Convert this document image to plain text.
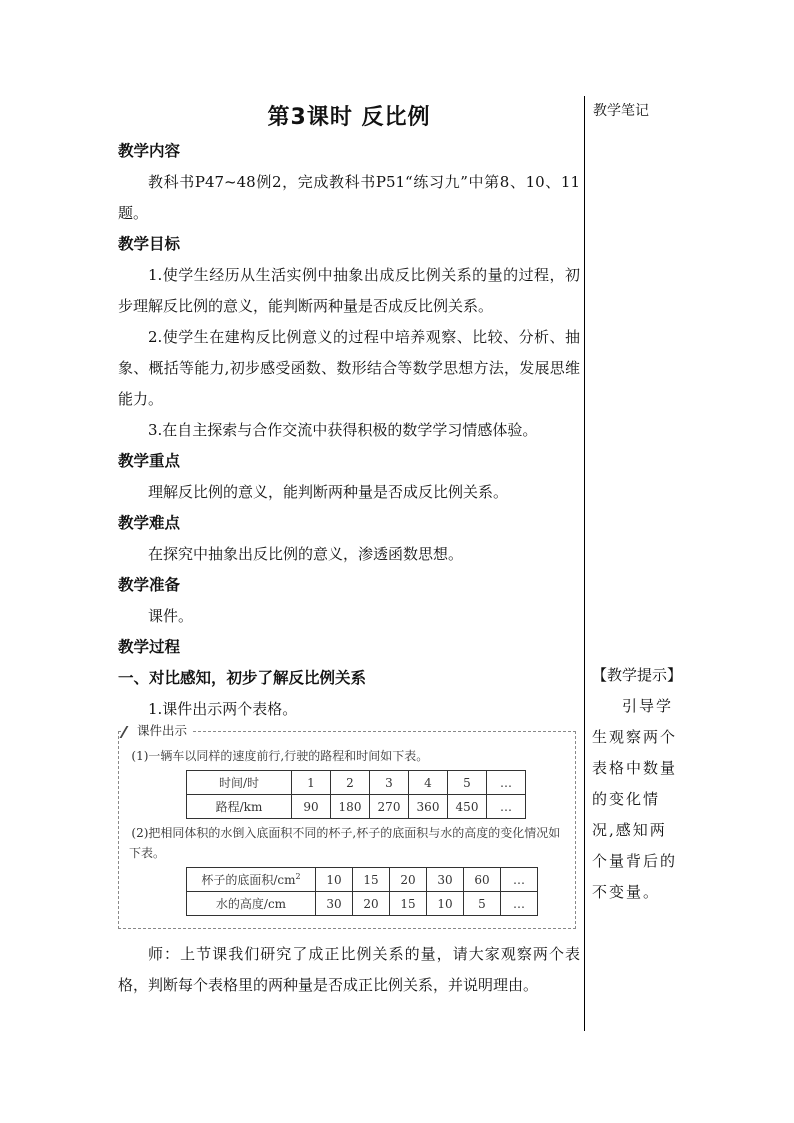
第3课时 反比例

教学内容

教科书P47~48例2，完成教科书P51“练习九”中第8、10、11题。

教学目标

1.使学生经历从生活实例中抽象出成反比例关系的量的过程，初步理解反比例的意义，能判断两种量是否成反比例关系。

2.使学生在建构反比例意义的过程中培养观察、比较、分析、抽象、概括等能力,初步感受函数、数形结合等数学思想方法，发展思维能力。

3.在自主探索与合作交流中获得积极的数学学习情感体验。

教学重点

理解反比例的意义，能判断两种量是否成反比例关系。

教学难点

在探究中抽象出反比例的意义，渗透函数思想。

教学准备

课件。

教学过程

一、对比感知，初步了解反比例关系

1.课件出示两个表格。

课件出示

(1)一辆车以同样的速度前行,行驶的路程和时间如下表。

时间/时	1	2	3	4	5	…
路程/km	90	180	270	360	450	…

(2)把相同体积的水倒入底面积不同的杯子,杯子的底面积与水的高度的变化情况如下表。

杯子的底面积$/cm^2$	10	15	20	30	60	…
水的高度/cm	30	20	15	10	5	…

师：上节课我们研究了成正比例关系的量，请大家观察两个表格，判断每个表格里的两种量是否成正比例关系，并说明理由。

教学笔记

【教学提示】

引导学生观察两个表格中数量的变化情况,感知两个量背后的不变量。
